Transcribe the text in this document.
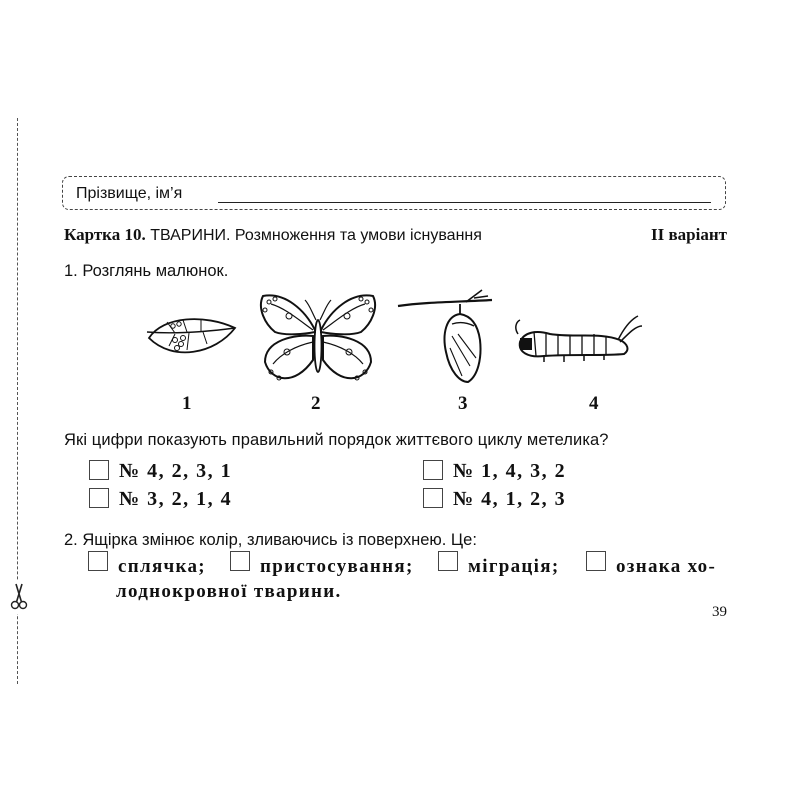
Прізвище, ім’я
Картка 10. ТВАРИНИ. Розмноження та умови існування	II варіант
1. Розглянь малюнок.
1	2	3	4
Які цифри показують правильний порядок життєвого циклу метелика?
№ 4, 2, 3, 1	№ 1, 4, 3, 2
№ 3, 2, 1, 4	№ 4, 1, 2, 3
2. Ящірка змінює колір, зливаючись із поверхнею. Це:
сплячка;	пристосування;	міграція;	ознака хо-
лоднокровної тварини.
39
